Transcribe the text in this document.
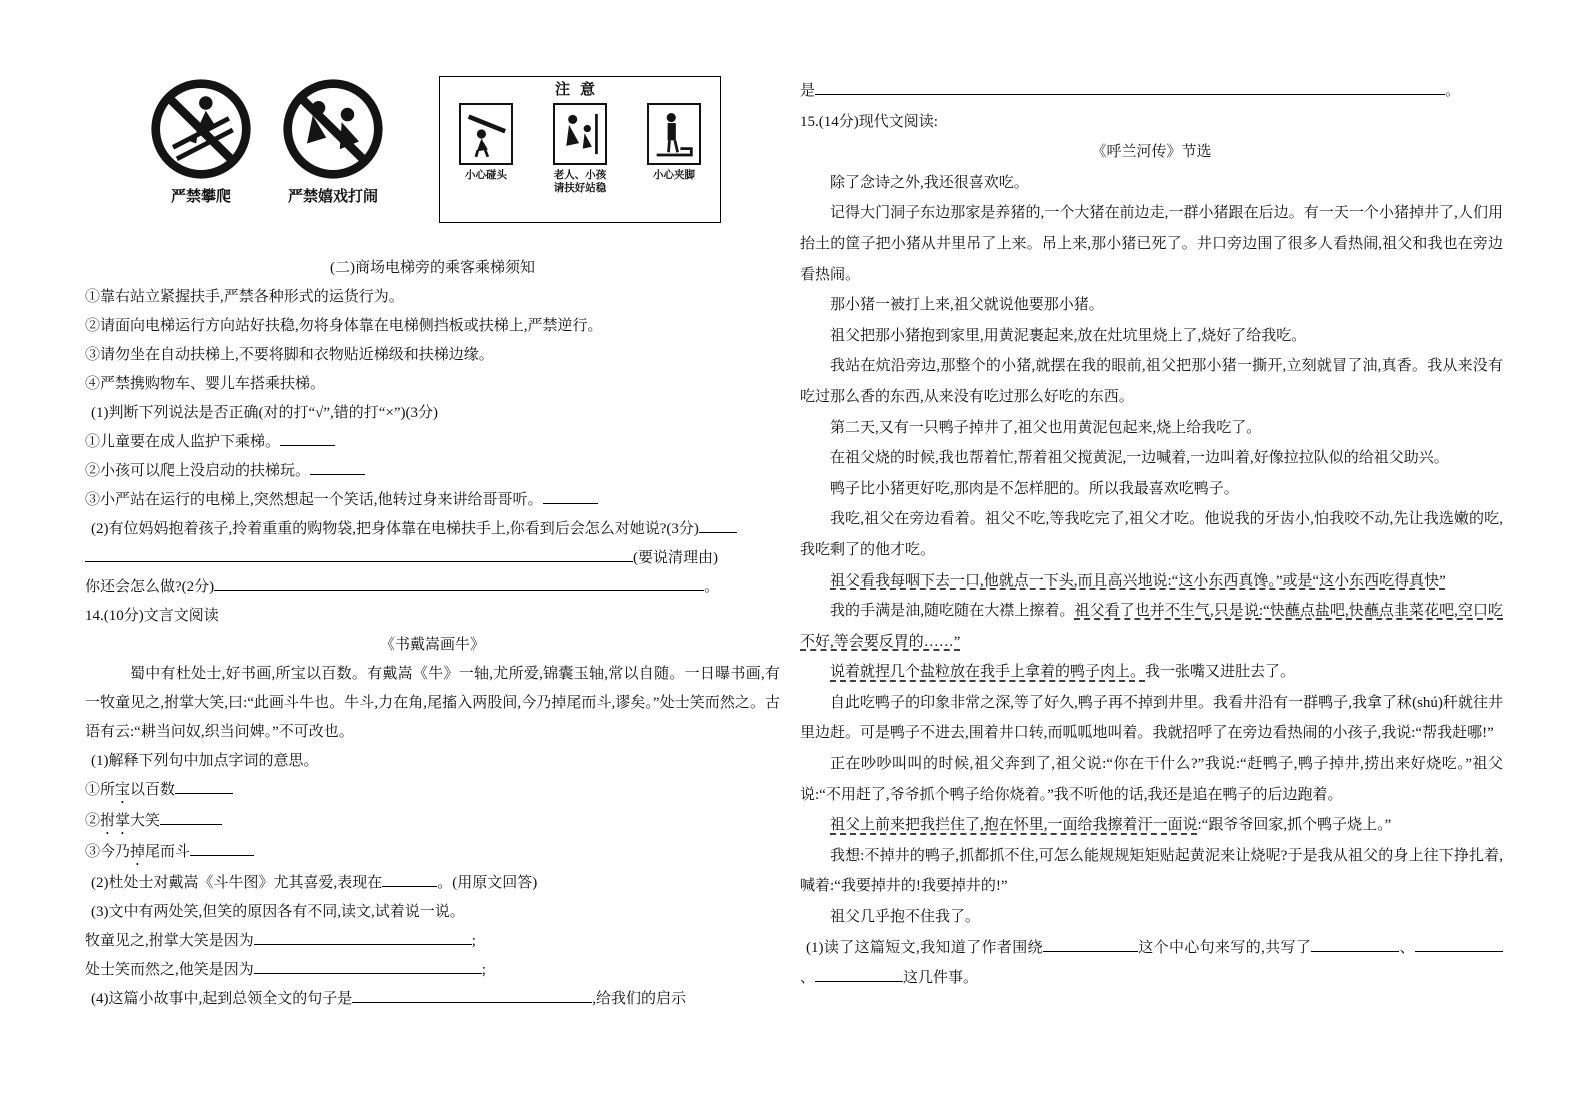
严禁攀爬	严禁嬉戏打闹
注意
小心碰头	老人、小孩
请扶好站稳
小心夹脚

(二)商场电梯旁的乘客乘梯须知

①靠右站立紧握扶手,严禁各种形式的运货行为。

②请面向电梯运行方向站好扶稳,勿将身体靠在电梯侧挡板或扶梯上,严禁逆行。

③请勿坐在自动扶梯上,不要将脚和衣物贴近梯级和扶梯边缘。

④严禁携购物车、婴儿车搭乘扶梯。

(1)判断下列说法是否正确(对的打“√”,错的打“×”)(3分)

①儿童要在成人监护下乘梯。

②小孩可以爬上没启动的扶梯玩。

③小严站在运行的电梯上,突然想起一个笑话,他转过身来讲给哥哥听。

(2)有位妈妈抱着孩子,拎着重重的购物袋,把身体靠在电梯扶手上,你看到后会怎么对她说?(3分)

(要说清理由)

你还会怎么做?(2分)	。

14.(10分)文言文阅读

《书戴嵩画牛》

蜀中有杜处士,好书画,所宝以百数。有戴嵩《牛》一轴,尤所爱,锦囊玉轴,常以自随。一日曝书画,有一牧童见之,拊掌大笑,曰:“此画斗牛也。牛斗,力在角,尾搐入两股间,今乃掉尾而斗,谬矣。”处士笑而然之。古语有云:“耕当问奴,织当问婢。”不可改也。

(1)解释下列句中加点字词的意思。

①所宝以百数

②拊掌大笑

③今乃掉尾而斗

(2)杜处士对戴嵩《斗牛图》尤其喜爱,表现在	。(用原文回答)

(3)文中有两处笑,但笑的原因各有不同,读文,试着说一说。

牧童见之,拊掌大笑是因为	;

处士笑而然之,他笑是因为	;

(4)这篇小故事中,起到总领全文的句子是	,给我们的启示

是	。

15.(14分)现代文阅读:

《呼兰河传》节选

除了念诗之外,我还很喜欢吃。

记得大门洞子东边那家是养猪的,一个大猪在前边走,一群小猪跟在后边。有一天一个小猪掉井了,人们用抬土的筐子把小猪从井里吊了上来。吊上来,那小猪已死了。井口旁边围了很多人看热闹,祖父和我也在旁边看热闹。

那小猪一被打上来,祖父就说他要那小猪。

祖父把那小猪抱到家里,用黄泥裹起来,放在灶坑里烧上了,烧好了给我吃。

我站在炕沿旁边,那整个的小猪,就摆在我的眼前,祖父把那小猪一撕开,立刻就冒了油,真香。我从来没有吃过那么香的东西,从来没有吃过那么好吃的东西。

第二天,又有一只鸭子掉井了,祖父也用黄泥包起来,烧上给我吃了。

在祖父烧的时候,我也帮着忙,帮着祖父搅黄泥,一边喊着,一边叫着,好像拉拉队似的给祖父助兴。

鸭子比小猪更好吃,那肉是不怎样肥的。所以我最喜欢吃鸭子。

我吃,祖父在旁边看着。祖父不吃,等我吃完了,祖父才吃。他说我的牙齿小,怕我咬不动,先让我选嫩的吃,我吃剩了的他才吃。

祖父看我每咽下去一口,他就点一下头,而且高兴地说:“这小东西真馋。”或是“这小东西吃得真快”

我的手满是油,随吃随在大襟上擦着。祖父看了也并不生气,只是说:“快蘸点盐吧,快蘸点韭菜花吧,空口吃不好,等会要反胃的……”

说着就捏几个盐粒放在我手上拿着的鸭子肉上。我一张嘴又进肚去了。

自此吃鸭子的印象非常之深,等了好久,鸭子再不掉到井里。我看井沿有一群鸭子,我拿了秫(shú)秆就往井里边赶。可是鸭子不进去,围着井口转,而呱呱地叫着。我就招呼了在旁边看热闹的小孩子,我说:“帮我赶哪!”

正在吵吵叫叫的时候,祖父奔到了,祖父说:“你在干什么?”我说:“赶鸭子,鸭子掉井,捞出来好烧吃。”祖父说:“不用赶了,爷爷抓个鸭子给你烧着。”我不听他的话,我还是追在鸭子的后边跑着。

祖父上前来把我拦住了,抱在怀里,一面给我擦着汗一面说:“跟爷爷回家,抓个鸭子烧上。”

我想:不掉井的鸭子,抓都抓不住,可怎么能规规矩矩贴起黄泥来让烧呢?于是我从祖父的身上往下挣扎着,喊着:“我要掉井的!我要掉井的!”

祖父几乎抱不住我了。

(1)读了这篇短文,我知道了作者围绕	这个中心句来写的,共写了	、、	这几件事。
